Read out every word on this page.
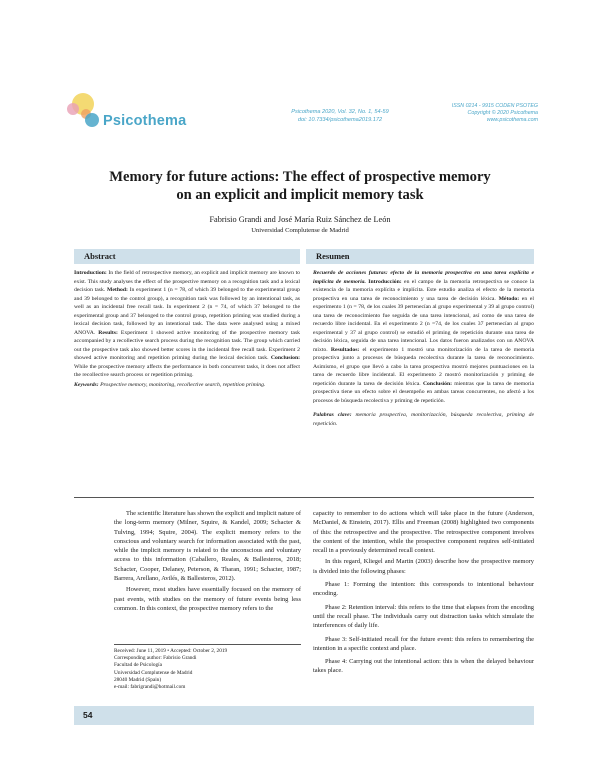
Psicothema
Psicothema 2020, Vol. 32, No. 1, 54-59
doi: 10.7334/psicothema2019.172
ISSN 0214 - 9915 CODEN PSOTEG
Copyright © 2020 Psicothema
www.psicothema.com
Memory for future actions: The effect of prospective memory
on an explicit and implicit memory task
Fabrisio Grandi and José María Ruiz Sánchez de León
Universidad Complutense de Madrid
Abstract

Introduction: In the field of retrospective memory, an explicit and implicit memory are known to exist. This study analyses the effect of the prospective memory on a recognition task and a lexical decision task. Method: In experiment 1 (n = 78, of which 39 belonged to the experimental group and 39 belonged to the control group), a recognition task was followed by an intentional task, as well as an incidental free recall task. In experiment 2 (n = 74, of which 37 belonged to the experimental group and 37 belonged to the control group, repetition priming was studied during a lexical decision task, followed by an intentional task. The data were analysed using a mixed ANOVA. Results: Experiment 1 showed active monitoring of the prospective memory task accompanied by a recollective search process during the recognition task. The group which carried out the prospective task also showed better scores in the incidental free recall task. Experiment 2 showed active monitoring and repetition priming during the lexical decision task. Conclusion: While the prospective memory affects the performance in both concurrent tasks, it does not affect the recollective search process or repetition priming.

Keywords: Prospective memory, monitoring, recollective search, repetition priming.

Resumen

Recuerdo de acciones futuras: efecto de la memoria prospectiva en una tarea explícita e implícita de memoria. Introducción: en el campo de la memoria retrospectiva se conoce la existencia de la memoria explícita e implícita. Este estudio analiza el efecto de la memoria prospectiva en una tarea de reconocimiento y una tarea de decisión léxica. Método: en el experimento 1 (n = 78, de los cuales 39 pertenecían al grupo experimental y 39 al grupo control) una tarea de reconocimiento fue seguida de una tarea intencional, así como de una tarea de recuerdo libre incidental. En el experimento 2 (n =74, de los cuales 37 pertenecían al grupo experimental y 37 al grupo control) se estudió el priming de repetición durante una tarea de decisión léxica, seguida de una tarea intencional. Los datos fueron analizados con un ANOVA mixto. Resultados: el experimento 1 mostró una monitorización de la tarea de memoria prospectiva junto a procesos de búsqueda recolectiva durante la tarea de reconocimiento. Asimismo, el grupo que llevó a cabo la tarea prospectiva mostró mejores puntuaciones en la tarea de recuerdo libre incidental. El experimento 2 mostró monitorización y priming de repetición durante la tarea de decisión léxica. Conclusión: mientras que la tarea de memoria prospectiva tiene un efecto sobre el desempeño en ambas tareas concurrentes, no afectó a los procesos de búsqueda recolectiva y priming de repetición.

Palabras clave: memoria prospectiva, monitorización, búsqueda recolectiva, priming de repetición.

The scientific literature has shown the explicit and implicit nature of the long-term memory (Milner, Squire, & Kandel, 2009; Schacter & Tulving, 1994; Squire, 2004). The explicit memory refers to the conscious and voluntary search for information associated with the past, while the implicit memory is related to the unconscious and voluntary access to this information (Caballero, Reales, & Ballesteros, 2018; Schacter, Cooper, Delaney, Peterson, & Tharan, 1991; Schacter, 1987; Barrera, Arellano, Avilés, & Ballesteros, 2012).

However, most studies have essentially focused on the memory of past events, with studies on the memory of future events being less common. In this context, the prospective memory refers to the

capacity to remember to do actions which will take place in the future (Anderson, McDaniel, & Einstein, 2017). Ellis and Freeman (2008) highlighted two components of this: the retrospective and the prospective. The retrospective component involves the content of the intention, while the prospective component requires self-initiated recall in a previously determined recall context.

In this regard, Kliegel and Martin (2003) describe how the prospective memory is divided into the following phases:

Phase 1: Forming the intention: this corresponds to intentional behaviour encoding.

Phase 2: Retention interval: this refers to the time that elapses from the encoding until the recall phase. The individuals carry out distraction tasks which simulate the interferences of daily life.

Phase 3: Self-initiated recall for the future event: this refers to remembering the intention in a specific context and place.

Phase 4: Carrying out the intentional action: this is when the delayed behaviour takes place.

Received: June 11, 2019 • Accepted: October 2, 2019
Corresponding author: Fabrisio Grandi
Facultad de Psicología
Universidad Complutense de Madrid
28040 Madrid (Spain)
e-mail: fabrigrandi@hotmail.com
54
